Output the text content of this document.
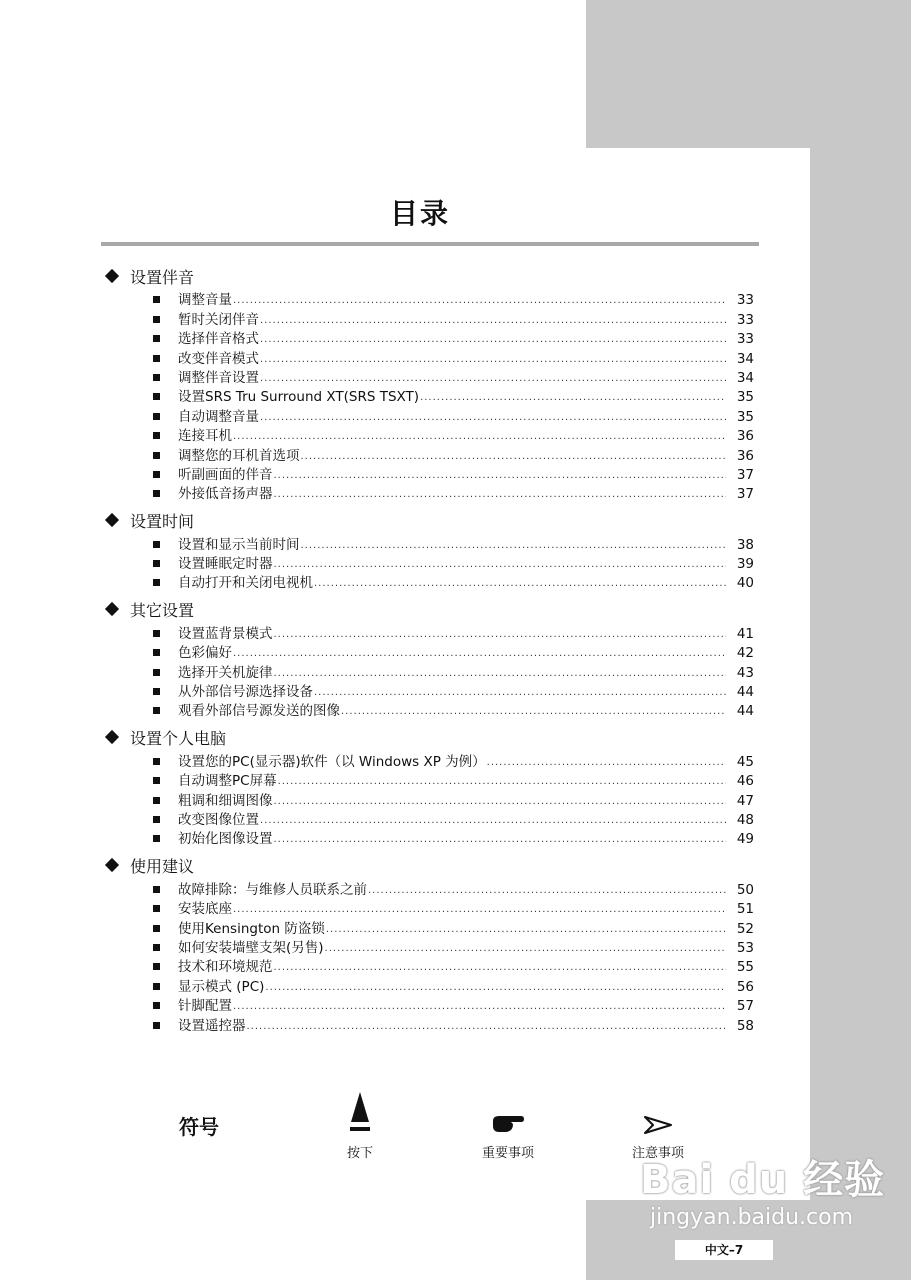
目录
设置伴音
调整音量 .....	33
暂时关闭伴音 .....	33
选择伴音格式 .....	33
改变伴音模式 .....	34
调整伴音设置 .....	34
设置SRS Tru Surround XT(SRS TSXT) .....	35
自动调整音量 .....	35
连接耳机 .....	36
调整您的耳机首选项 .....	36
听副画面的伴音 .....	37
外接低音扬声器 .....	37
设置时间
设置和显示当前时间 .....	38
设置睡眠定时器 .....	39
自动打开和关闭电视机 .....	40
其它设置
设置蓝背景模式 .....	41
色彩偏好 .....	42
选择开关机旋律 .....	43
从外部信号源选择设备 .....	44
观看外部信号源发送的图像 .....	44
设置个人电脑
设置您的PC(显示器)软件（以 Windows XP 为例） .....	45
自动调整PC屏幕 .....	46
粗调和细调图像 .....	47
改变图像位置 .....	48
初始化图像设置 .....	49
使用建议
故障排除：与维修人员联系之前 .....	50
安装底座 .....	51
使用Kensington 防盗锁 .....	52
如何安装墙壁支架(另售) .....	53
技术和环境规范 .....	55
显示模式 (PC) .....	56
针脚配置 .....	57
设置遥控器 .....	58
符号
按下	重要事项	注意事项
Bai du 经验
jingyan.baidu.com
中文–7
